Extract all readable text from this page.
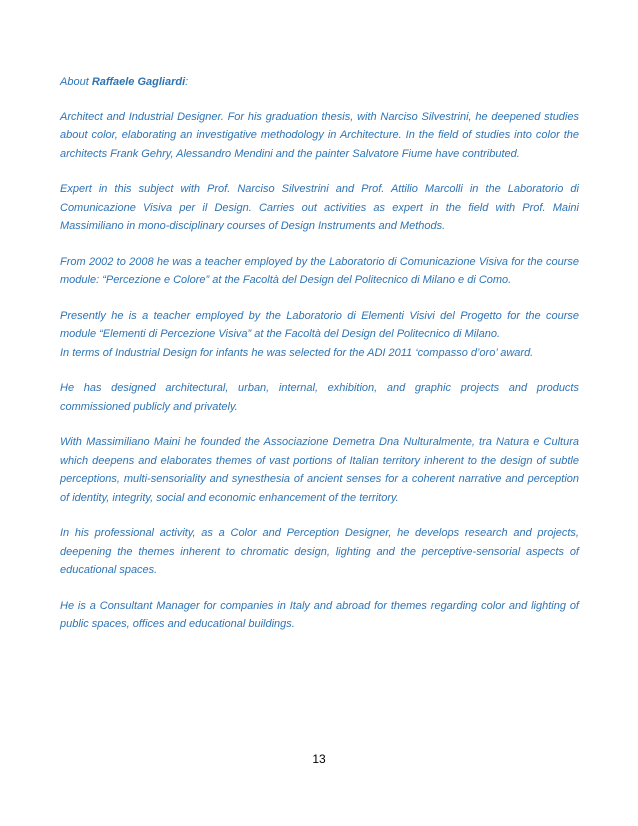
About Raffaele Gagliardi:

Architect and Industrial Designer. For his graduation thesis, with Narciso Silvestrini, he deepened studies about color, elaborating an investigative methodology in Architecture. In the field of studies into color the architects Frank Gehry, Alessandro Mendini and the painter Salvatore Fiume have contributed.

Expert in this subject with Prof. Narciso Silvestrini and Prof. Attilio Marcolli in the Laboratorio di Comunicazione Visiva per il Design. Carries out activities as expert in the field with Prof. Maini Massimiliano in mono-disciplinary courses of Design Instruments and Methods.

From 2002 to 2008 he was a teacher employed by the Laboratorio di Comunicazione Visiva for the course module: “Percezione e Colore” at the Facoltà del Design del Politecnico di Milano e di Como.

Presently he is a teacher employed by the Laboratorio di Elementi Visivi del Progetto for the course module “Elementi di Percezione Visiva” at the Facoltà del Design del Politecnico di Milano.
In terms of Industrial Design for infants he was selected for the ADI 2011 ‘compasso d’oro’ award.

He has designed architectural, urban, internal, exhibition, and graphic projects and products commissioned publicly and privately.

With Massimiliano Maini he founded the Associazione Demetra Dna Nulturalmente, tra Natura e Cultura which deepens and elaborates themes of vast portions of Italian territory inherent to the design of subtle perceptions, multi-sensoriality and synesthesia of ancient senses for a coherent narrative and perception of identity, integrity, social and economic enhancement of the territory.

In his professional activity, as a Color and Perception Designer, he develops research and projects, deepening the themes inherent to chromatic design, lighting and the perceptive-sensorial aspects of educational spaces.

He is a Consultant Manager for companies in Italy and abroad for themes regarding color and lighting of public spaces, offices and educational buildings.

13
